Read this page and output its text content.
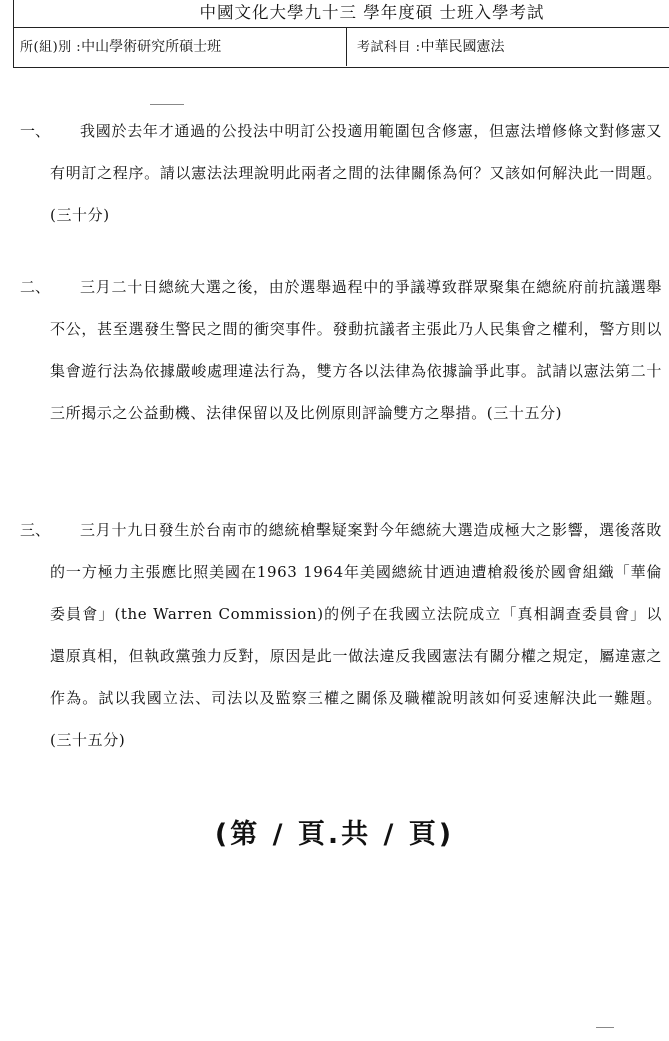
中國文化大學九十三 學年度碩 士班入學考試
所(組)別 :中山學術研究所碩士班	考試科目 :中華民國憲法
一、	我國於去年才通過的公投法中明訂公投適用範圍包含修憲，但憲法增修條文對修憲又有明訂之程序。請以憲法法理說明此兩者之間的法律關係為何？又該如何解決此一問題。(三十分)
二、	三月二十日總統大選之後，由於選舉過程中的爭議導致群眾聚集在總統府前抗議選舉不公，甚至選發生警民之間的衝突事件。發動抗議者主張此乃人民集會之權利，警方則以集會遊行法為依據嚴峻處理違法行為，雙方各以法律為依據論爭此事。試請以憲法第二十三所揭示之公益動機、法律保留以及比例原則評論雙方之舉措。(三十五分)
三、	三月十九日發生於台南市的總統槍擊疑案對今年總統大選造成極大之影響，選後落敗的一方極力主張應比照美國在1963 1964年美國總統甘迺迪遭槍殺後於國會組織「華倫委員會」(the Warren Commission)的例子在我國立法院成立「真相調查委員會」以還原真相，但執政黨強力反對，原因是此一做法違反我國憲法有關分權之規定，屬違憲之作為。試以我國立法、司法以及監察三權之關係及職權說明該如何妥速解決此一難題。(三十五分)
(第 / 頁.共 / 頁)
